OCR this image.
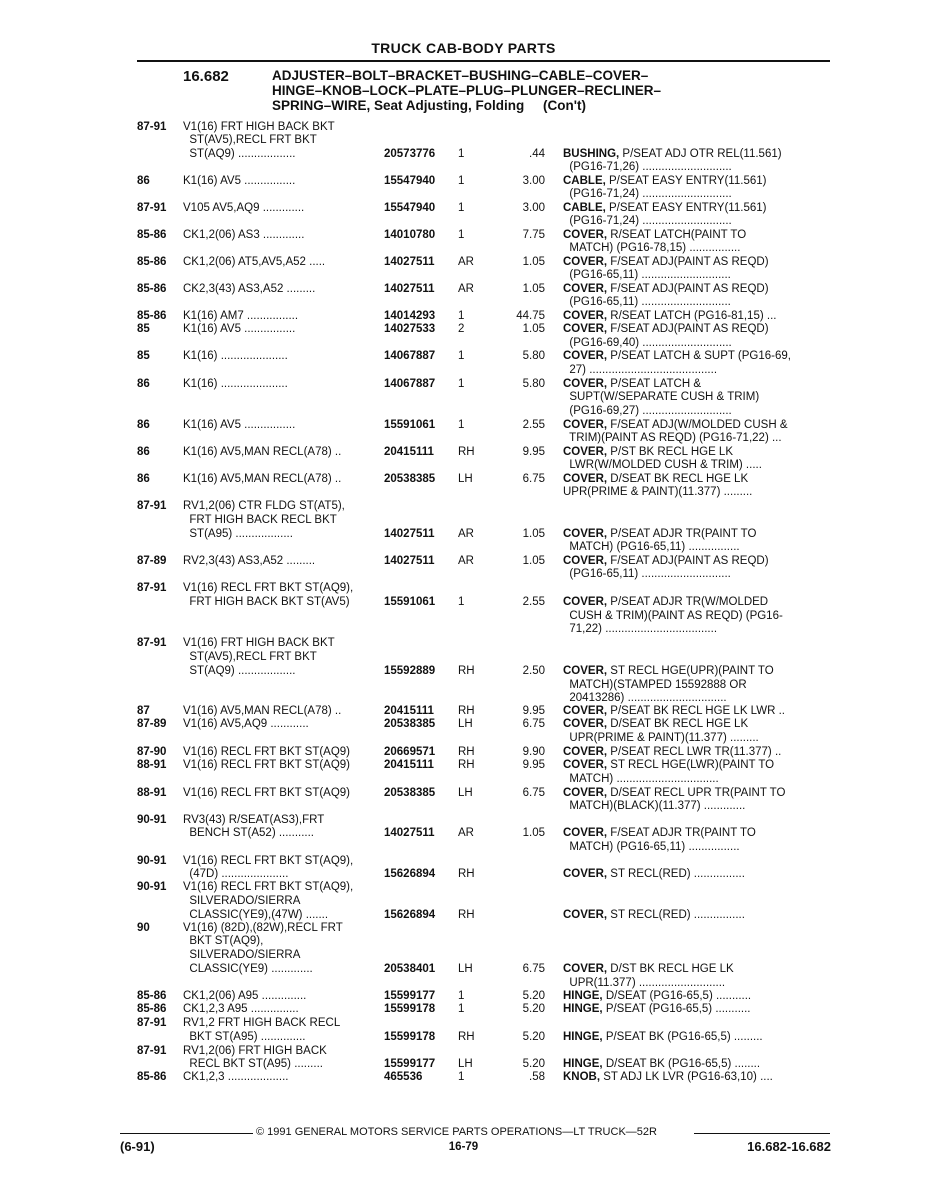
TRUCK CAB-BODY PARTS
16.682	ADJUSTER–BOLT–BRACKET–BUSHING–CABLE–COVER–
HINGE–KNOB–LOCK–PLATE–PLUG–PLUNGER–RECLINER–
SPRING–WIRE, Seat Adjusting, Folding     (Con't)
87-91 V1(16) FRT HIGH BACK BKT
ST(AV5),RECL FRT BKT
ST(AQ9) ..................	20573776 1	.44 BUSHING, P/SEAT ADJ OTR REL(11.561)
(PG16-71,26) ............................
86	K1(16) AV5 ................	15547940 1	3.00 CABLE, P/SEAT EASY ENTRY(11.561)
(PG16-71,24) ............................
87-91 V105 AV5,AQ9 .............	15547940 1	3.00 CABLE, P/SEAT EASY ENTRY(11.561)
(PG16-71,24) ............................
85-86 CK1,2(06) AS3 .............	14010780 1	7.75 COVER, R/SEAT LATCH(PAINT TO
MATCH) (PG16-78,15) ................
85-86 CK1,2(06) AT5,AV5,A52 .....	14027511 AR	1.05 COVER, F/SEAT ADJ(PAINT AS REQD)
(PG16-65,11) ............................
85-86 CK2,3(43) AS3,A52 .........	14027511 AR	1.05 COVER, F/SEAT ADJ(PAINT AS REQD)
(PG16-65,11) ............................
85-86 K1(16) AM7 ................	14014293 1	44.75 COVER, R/SEAT LATCH (PG16-81,15) ...
85	K1(16) AV5 ................	14027533 2	1.05 COVER, F/SEAT ADJ(PAINT AS REQD)
(PG16-69,40) ............................
85	K1(16) .....................	14067887 1	5.80 COVER, P/SEAT LATCH & SUPT (PG16-69,
27) ........................................
86	K1(16) .....................	14067887 1	5.80 COVER, P/SEAT LATCH &
SUPT(W/SEPARATE CUSH & TRIM)
(PG16-69,27) ............................
86	K1(16) AV5 ................	15591061 1	2.55 COVER, F/SEAT ADJ(W/MOLDED CUSH &
TRIM)(PAINT AS REQD) (PG16-71,22) ...
86	K1(16) AV5,MAN RECL(A78) ..	20415111 RH	9.95 COVER, P/ST BK RECL HGE LK
LWR(W/MOLDED CUSH & TRIM) .....
86	K1(16) AV5,MAN RECL(A78) ..	20538385 LH	6.75 COVER, D/SEAT BK RECL HGE LK
UPR(PRIME & PAINT)(11.377) .........
87-91 RV1,2(06) CTR FLDG ST(AT5),
FRT HIGH BACK RECL BKT
ST(A95) ..................	14027511 AR	1.05 COVER, P/SEAT ADJR TR(PAINT TO
MATCH) (PG16-65,11) ................
87-89 RV2,3(43) AS3,A52 .........	14027511 AR	1.05 COVER, F/SEAT ADJ(PAINT AS REQD)
(PG16-65,11) ............................
87-91 V1(16) RECL FRT BKT ST(AQ9),
FRT HIGH BACK BKT ST(AV5)	15591061 1	2.55 COVER, P/SEAT ADJR TR(W/MOLDED
CUSH & TRIM)(PAINT AS REQD) (PG16-
71,22) ...................................
87-91 V1(16) FRT HIGH BACK BKT
ST(AV5),RECL FRT BKT
ST(AQ9) ..................	15592889 RH	2.50 COVER, ST RECL HGE(UPR)(PAINT TO
MATCH)(STAMPED 15592888 OR
20413286) ...............................
87	V1(16) AV5,MAN RECL(A78) ..	20415111 RH	9.95 COVER, P/SEAT BK RECL HGE LK LWR ..
87-89 V1(16) AV5,AQ9 ............	20538385 LH	6.75 COVER, D/SEAT BK RECL HGE LK
UPR(PRIME & PAINT)(11.377) .........
87-90 V1(16) RECL FRT BKT ST(AQ9)	20669571 RH	9.90 COVER, P/SEAT RECL LWR TR(11.377) ..
88-91 V1(16) RECL FRT BKT ST(AQ9)	20415111 RH	9.95 COVER, ST RECL HGE(LWR)(PAINT TO
MATCH) ................................
88-91 V1(16) RECL FRT BKT ST(AQ9)	20538385 LH	6.75 COVER, D/SEAT RECL UPR TR(PAINT TO
MATCH)(BLACK)(11.377) .............
90-91 RV3(43) R/SEAT(AS3),FRT
BENCH ST(A52) ...........	14027511 AR	1.05 COVER, F/SEAT ADJR TR(PAINT TO
MATCH) (PG16-65,11) ................
90-91 V1(16) RECL FRT BKT ST(AQ9),
(47D) .....................	15626894 RH	COVER, ST RECL(RED) ................
90-91 V1(16) RECL FRT BKT ST(AQ9),
SILVERADO/SIERRA
CLASSIC(YE9),(47W) .......	15626894 RH	COVER, ST RECL(RED) ................
90	V1(16) (82D),(82W),RECL FRT
BKT ST(AQ9),
SILVERADO/SIERRA
CLASSIC(YE9) .............	20538401 LH	6.75 COVER, D/ST BK RECL HGE LK
UPR(11.377) ...........................
85-86 CK1,2(06) A95 ..............	15599177 1	5.20 HINGE, D/SEAT (PG16-65,5) ...........
85-86 CK1,2,3 A95 ...............	15599178 1	5.20 HINGE, P/SEAT (PG16-65,5) ...........
87-91 RV1,2 FRT HIGH BACK RECL
BKT ST(A95) ..............	15599178 RH	5.20 HINGE, P/SEAT BK (PG16-65,5) .........
87-91 RV1,2(06) FRT HIGH BACK
RECL BKT ST(A95) .........	15599177 LH	5.20 HINGE, D/SEAT BK (PG16-65,5) ........
85-86 CK1,2,3 ...................	465536	1	.58 KNOB, ST ADJ LK LVR (PG16-63,10) ....
© 1991 GENERAL MOTORS SERVICE PARTS OPERATIONS—LT TRUCK—52R
(6-91)	16-79	16.682-16.682
